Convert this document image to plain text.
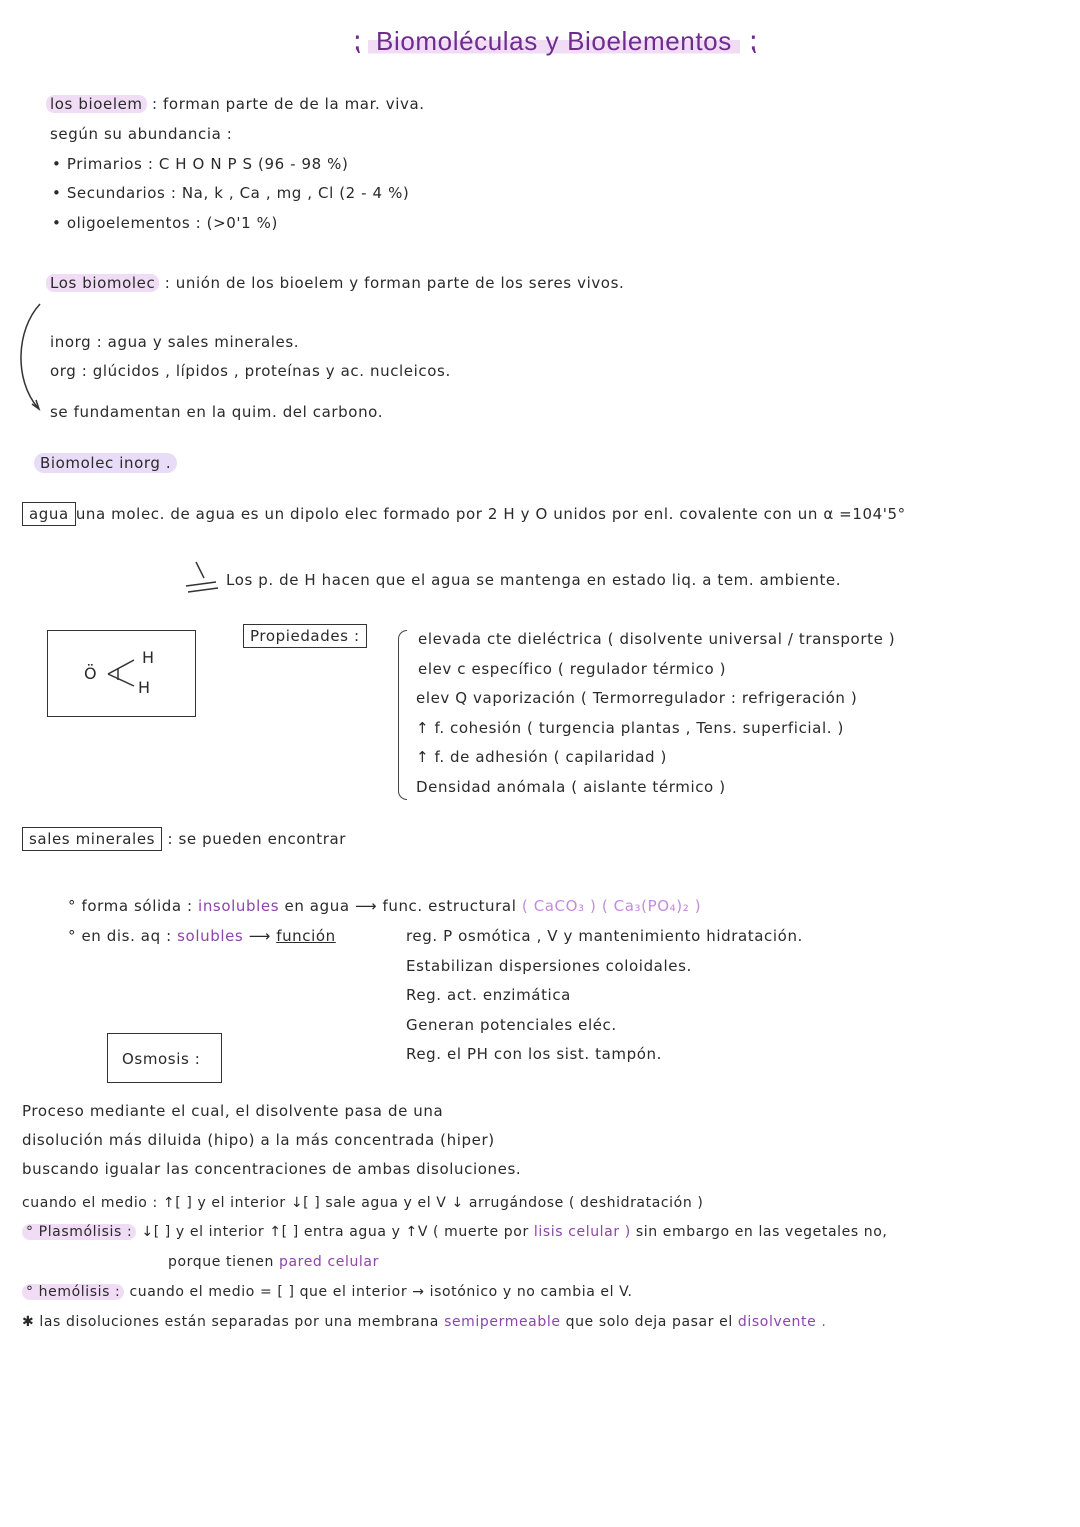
⁏ Biomoléculas y Bioelementos ⁏
los bioelem : forman parte de de la mar. viva.
según su abundancia :
• Primarios : C H O N P S (96 - 98 %)
• Secundarios : Na, k , Ca , mg , Cl (2 - 4 %)
• oligoelementos : (>0'1 %)
Los biomolec : unión de los bioelem y forman parte de los seres vivos.
inorg : agua y sales minerales.
org : glúcidos , lípidos , proteínas y ac. nucleicos.
se fundamentan en la quim. del carbono.
Biomolec inorg .
agua una molec. de agua es un dipolo elec formado por 2 H y O unidos por enl. covalente con un α =104'5°
Los p. de H hacen que el agua se mantenga en estado liq. a tem. ambiente.
Ö
H
H
Propiedades :	elevada cte dieléctrica ( disolvente universal / transporte )
elev c específico ( regulador térmico )
elev Q vaporización ( Termorregulador : refrigeración )
↑ f. cohesión ( turgencia plantas , Tens. superficial. )
↑ f. de adhesión ( capilaridad )
Densidad anómala ( aislante térmico )
sales minerales : se pueden encontrar
° forma sólida : insolubles en agua ⟶ func. estructural ( CaCO₃ ) ( Ca₃(PO₄)₂ )
° en dis. aq : solubles ⟶ función	reg. P osmótica , V y mantenimiento hidratación.
Estabilizan dispersiones coloidales.
Reg. act. enzimática
Generan potenciales eléc.
Reg. el PH con los sist. tampón.
Osmosis :
Proceso mediante el cual, el disolvente pasa de una
disolución más diluida (hipo) a la más concentrada (hiper)
buscando igualar las concentraciones de ambas disoluciones.
cuando el medio : ↑[ ] y el interior ↓[ ] sale agua y el V ↓ arrugándose ( deshidratación )
° Plasmólisis : ↓[ ] y el interior ↑[ ] entra agua y ↑V ( muerte por lisis celular ) sin embargo en las vegetales no,
porque tienen pared celular
° hemólisis : cuando el medio = [ ] que el interior → isotónico y no cambia el V.
✱ las disoluciones están separadas por una membrana semipermeable que solo deja pasar el disolvente .
